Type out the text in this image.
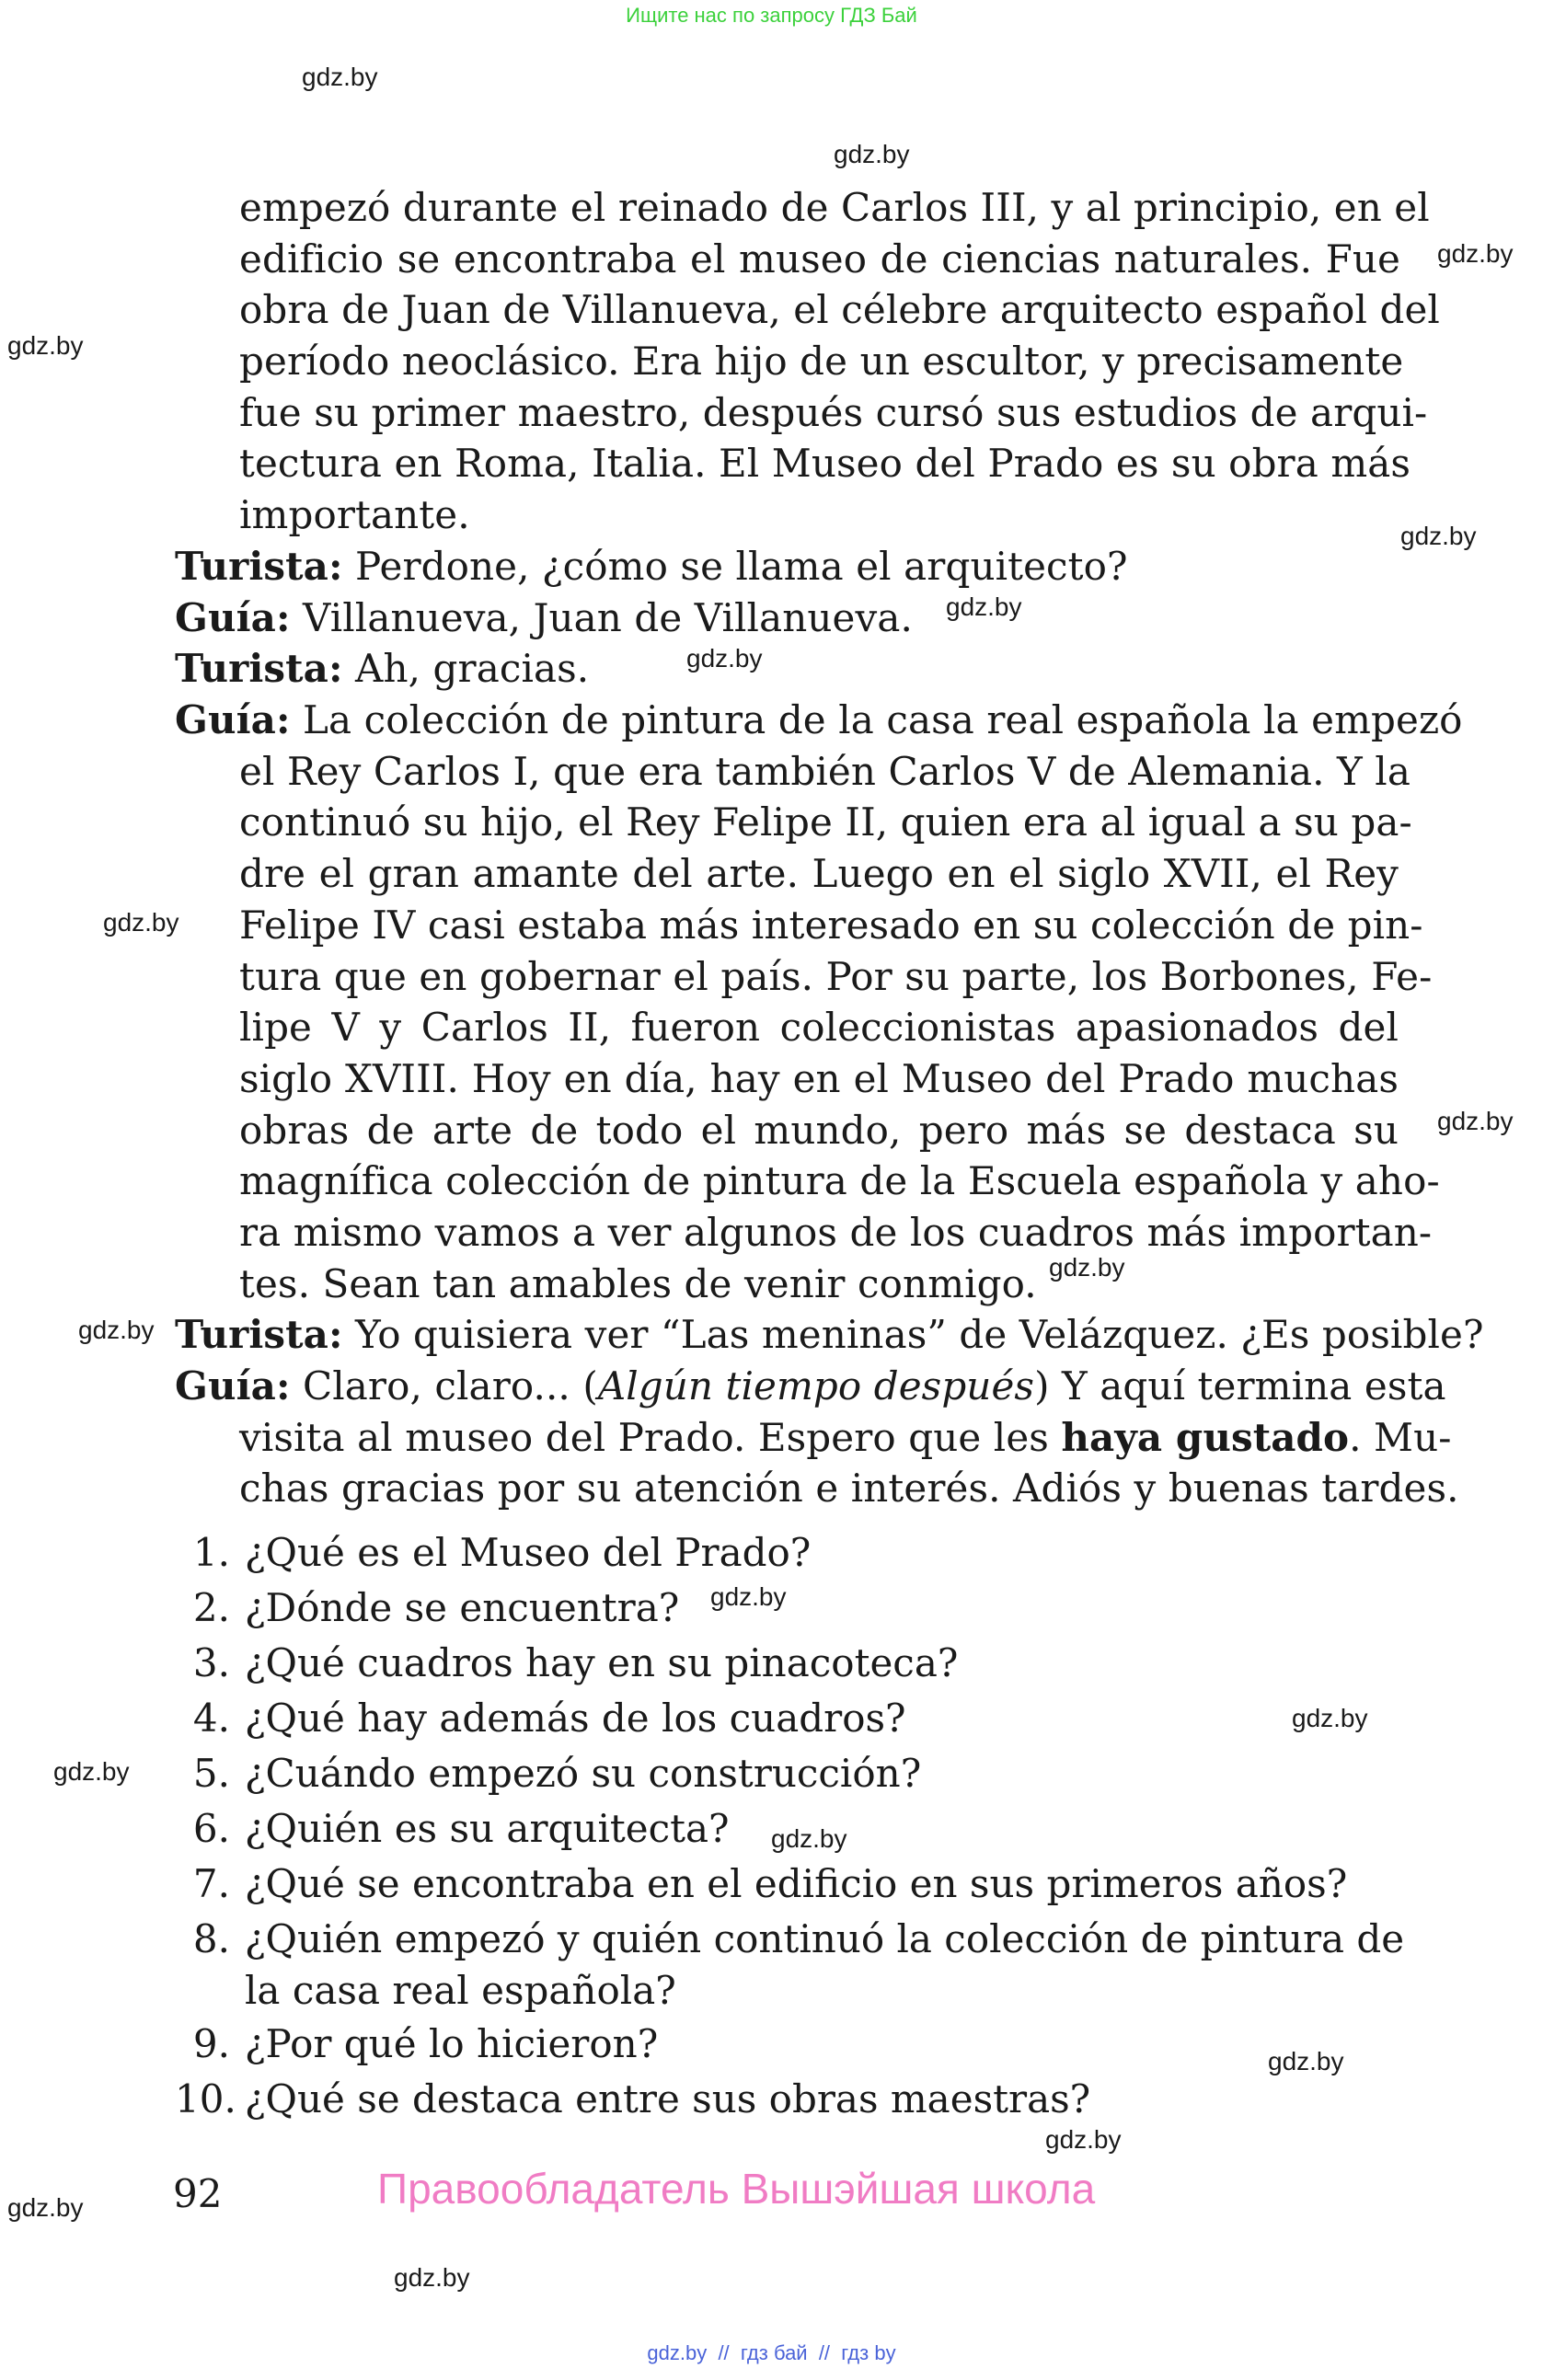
Ищите нас по запросу ГДЗ Бай
gdz.by
gdz.by
gdz.by
gdz.by
gdz.by
gdz.by
gdz.by
gdz.by
gdz.by
gdz.by
gdz.by
gdz.by
gdz.by
gdz.by
gdz.by
gdz.by
gdz.by
gdz.by
gdz.by
empezó durante el reinado de Carlos III, y al principio, en el
edificio se encontraba el museo de ciencias naturales. Fue
obra de Juan de Villanueva, el célebre arquitecto español del
período neoclásico. Era hijo de un escultor, y precisamente
fue su primer maestro, después cursó sus estudios de arqui-
tectura en Roma, Italia. El Museo del Prado es su obra más
importante.
Turista: Perdone, ¿cómo se llama el arquitecto?
Guía: Villanueva, Juan de Villanueva.
Turista: Ah, gracias.
Guía: La colección de pintura de la casa real española la empezó
el Rey Carlos I, que era también Carlos V de Alemania. Y la
continuó su hijo, el Rey Felipe II, quien era al igual a su pa-
dre el gran amante del arte. Luego en el siglo XVII, el Rey
Felipe IV casi estaba más interesado en su colección de pin-
tura que en gobernar el país. Por su parte, los Borbones, Fe-
lipe V y Carlos II, fueron coleccionistas apasionados del
siglo XVIII. Hoy en día, hay en el Museo del Prado muchas
obras de arte de todo el mundo, pero más se destaca su
magnífica colección de pintura de la Escuela española y aho-
ra mismo vamos a ver algunos de los cuadros más importan-
tes. Sean tan amables de venir conmigo.
Turista: Yo quisiera ver “Las meninas” de Velázquez. ¿Es posible?
Guía: Claro, claro... (Algún tiempo después) Y aquí termina esta
visita al museo del Prado. Espero que les haya gustado. Mu-
chas gracias por su atención e interés. Adiós y buenas tardes.
1. ¿Qué es el Museo del Prado?
2. ¿Dónde se encuentra?
3. ¿Qué cuadros hay en su pinacoteca?
4. ¿Qué hay además de los cuadros?
5. ¿Cuándo empezó su construcción?
6. ¿Quién es su arquitecta?
7. ¿Qué se encontraba en el edificio en sus primeros años?
8. ¿Quién empezó y quién continuó la colección de pintura de
la casa real española?
9. ¿Por qué lo hicieron?
10. ¿Qué se destaca entre sus obras maestras?
92	Правообладатель Вышэйшая школа
gdz.by  //  гдз бай  //  гдз by
